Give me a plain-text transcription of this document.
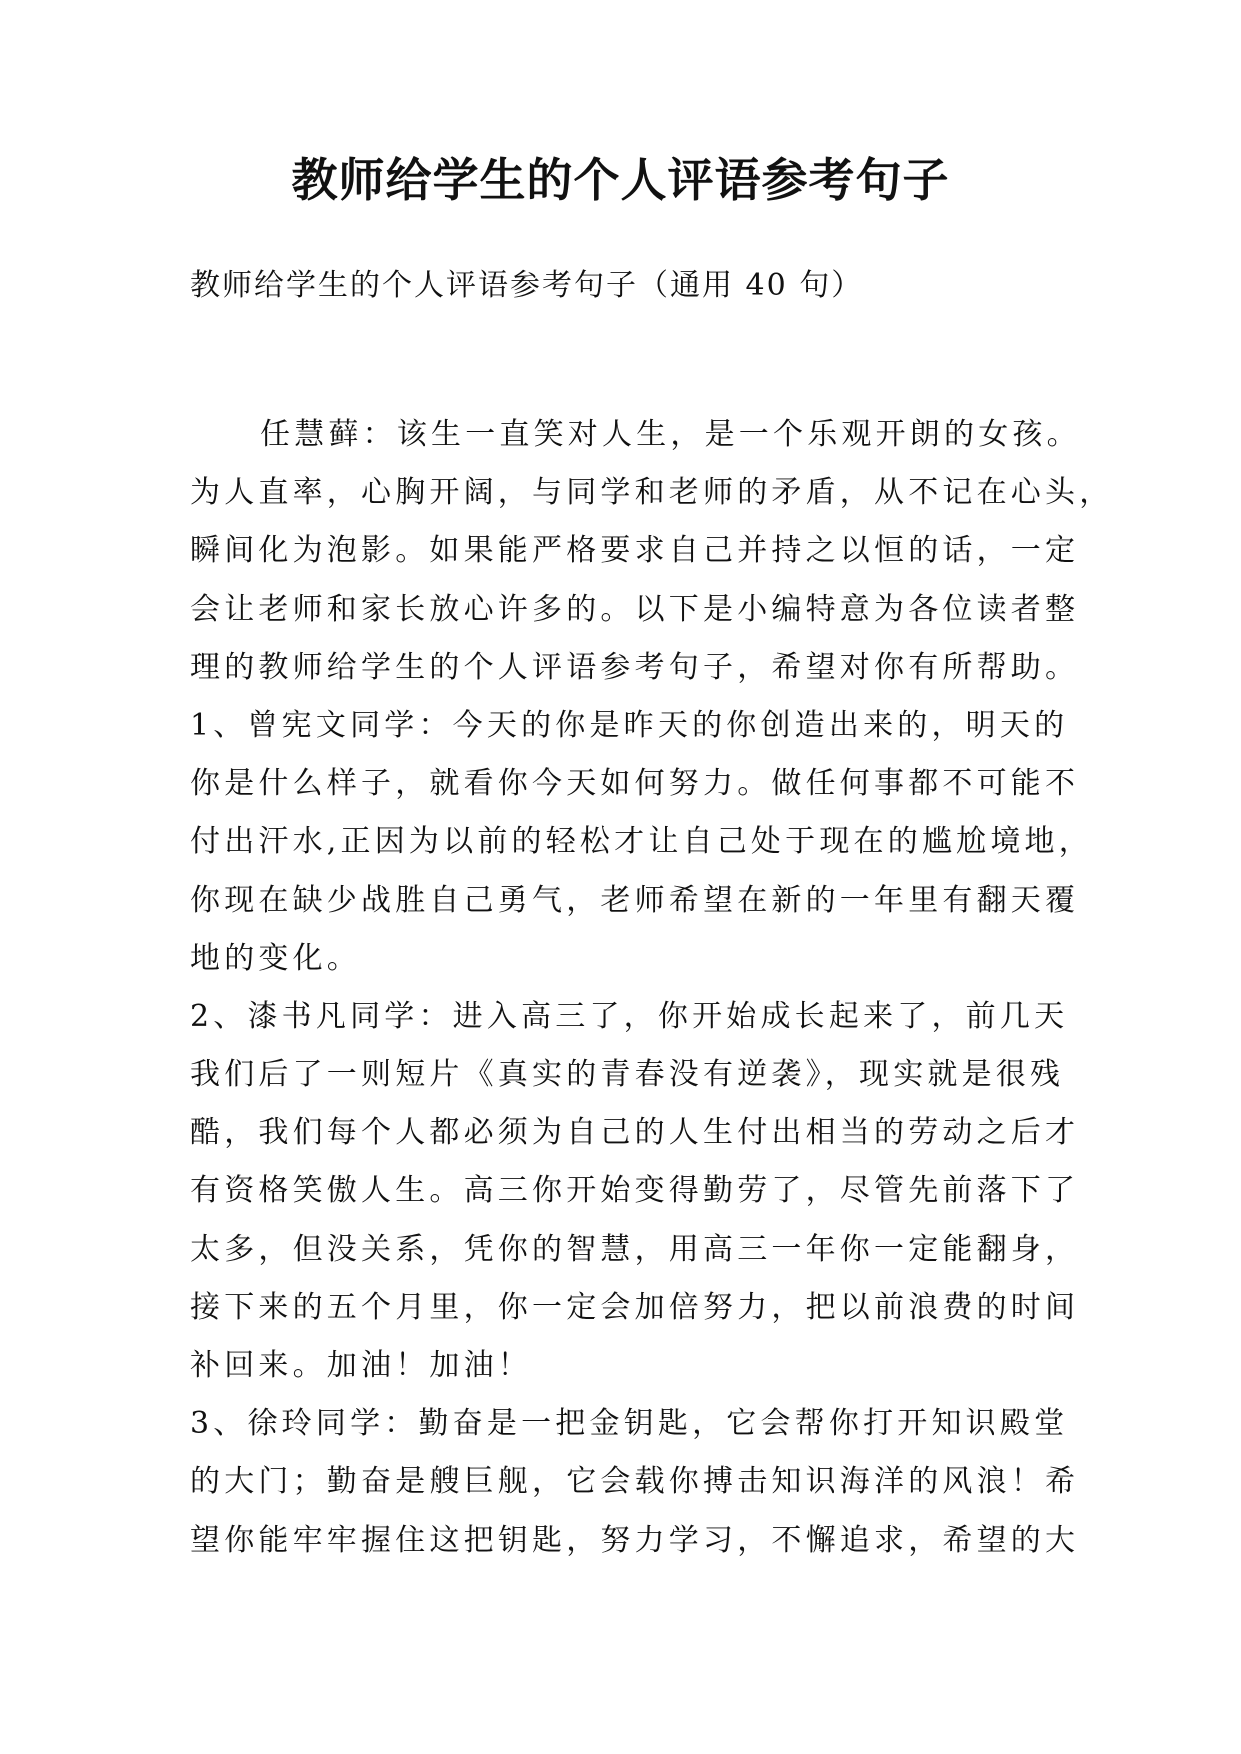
教师给学生的个人评语参考句子

教师给学生的个人评语参考句子（通用 40 句）

任慧藓：该生一直笑对人生，是一个乐观开朗的女孩。
为人直率，心胸开阔，与同学和老师的矛盾，从不记在心头，
瞬间化为泡影。如果能严格要求自己并持之以恒的话，一定
会让老师和家长放心许多的。以下是小编特意为各位读者整
理的教师给学生的个人评语参考句子，希望对你有所帮助。
1、曾宪文同学：今天的你是昨天的你创造出来的，明天的
你是什么样子，就看你今天如何努力。做任何事都不可能不
付出汗水,正因为以前的轻松才让自己处于现在的尴尬境地，
你现在缺少战胜自己勇气，老师希望在新的一年里有翻天覆
地的变化。
2、漆书凡同学：进入高三了，你开始成长起来了，前几天
我们后了一则短片《真实的青春没有逆袭》，现实就是很残
酷，我们每个人都必须为自己的人生付出相当的劳动之后才
有资格笑傲人生。高三你开始变得勤劳了，尽管先前落下了
太多，但没关系，凭你的智慧，用高三一年你一定能翻身，
接下来的五个月里，你一定会加倍努力，把以前浪费的时间
补回来。加油！加油！
3、徐玲同学：勤奋是一把金钥匙，它会帮你打开知识殿堂
的大门；勤奋是艘巨舰，它会载你搏击知识海洋的风浪！希
望你能牢牢握住这把钥匙，努力学习，不懈追求，希望的大
